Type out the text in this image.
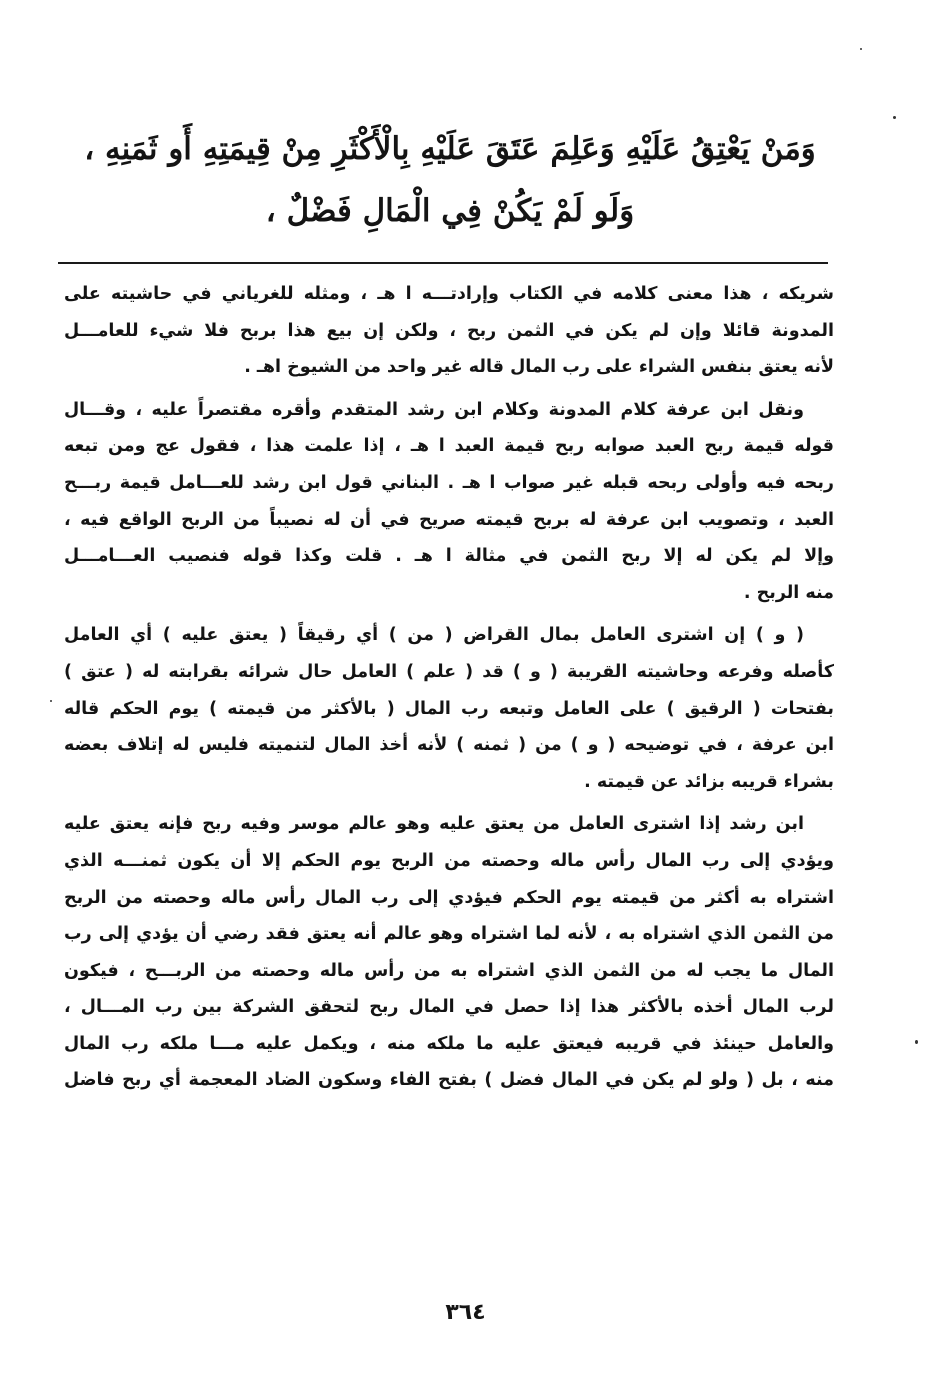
وَمَنْ يَعْتِقُ عَلَيْهِ وَعَلِمَ عَتَقَ عَلَيْهِ بِالْأَكْثَرِ مِنْ قِيمَتِهِ أَو ثَمَنِهِ ،
وَلَو لَمْ يَكُنْ فِي الْمَالِ فَضْلٌ ،
شريكه ، هذا معنى كلامه في الكتاب وإرادتـــه ا هـ ، ومثله للغرياني في حاشيته على
المدونة قائلا وإن لم يكن في الثمن ربح ، ولكن إن بيع هذا بربح فلا شيء للعامـــل
لأنه يعتق بنفس الشراء على رب المال قاله غير واحد من الشيوخ اهـ .
ونقل ابن عرفة كلام المدونة وكلام ابن رشد المتقدم وأقره مقتصراً عليه ، وقـــال
قوله قيمة ربح العبد صوابه ربح قيمة العبد ا هـ ، إذا علمت هذا ، فقول عج ومن تبعه
ربحه فيه وأولى ربحه قبله غير صواب ا هـ . البناني قول ابن رشد للعـــامل قيمة ربـــح
العبد ، وتصويب ابن عرفة له بربح قيمته صريح في أن له نصيباً من الربح الواقع فيه ،
وإلا لم يكن له إلا ربح الثمن في مثالة ا هـ . قلت وكذا قوله فنصيب العـــامـــل
منه الربح .
( و ) إن اشترى العامل بمال القراض ( من ) أي رقيقاً ( يعتق عليه ) أي العامل
كأصله وفرعه وحاشيته القريبة ( و ) قد ( علم ) العامل حال شرائه بقرابته له ( عتق )
بفتحات ( الرقيق ) على العامل وتبعه رب المال ( بالأكثر من قيمته ) يوم الحكم قاله
ابن عرفة ، في توضيحه ( و ) من ( ثمنه ) لأنه أخذ المال لتنميته فليس له إتلاف بعضه
بشراء قريبه بزائد عن قيمته .
ابن رشد إذا اشترى العامل من يعتق عليه وهو عالم موسر وفيه ربح فإنه يعتق عليه
ويؤدي إلى رب المال رأس ماله وحصته من الربح يوم الحكم إلا أن يكون ثمنـــه الذي
اشتراه به أكثر من قيمته يوم الحكم فيؤدي إلى رب المال رأس ماله وحصته من الربح
من الثمن الذي اشتراه به ، لأنه لما اشتراه وهو عالم أنه يعتق فقد رضي أن يؤدي إلى رب
المال ما يجب له من الثمن الذي اشتراه به من رأس ماله وحصته من الربـــح ، فيكون
لرب المال أخذه بالأكثر هذا إذا حصل في المال ربح لتحقق الشركة بين رب المـــال ،
والعامل حينئذ في قريبه فيعتق عليه ما ملكه منه ، ويكمل عليه مـــا ملكه رب المال
منه ، بل ( ولو لم يكن في المال فضل ) بفتح الفاء وسكون الضاد المعجمة أي ربح فاضل
٣٦٤
